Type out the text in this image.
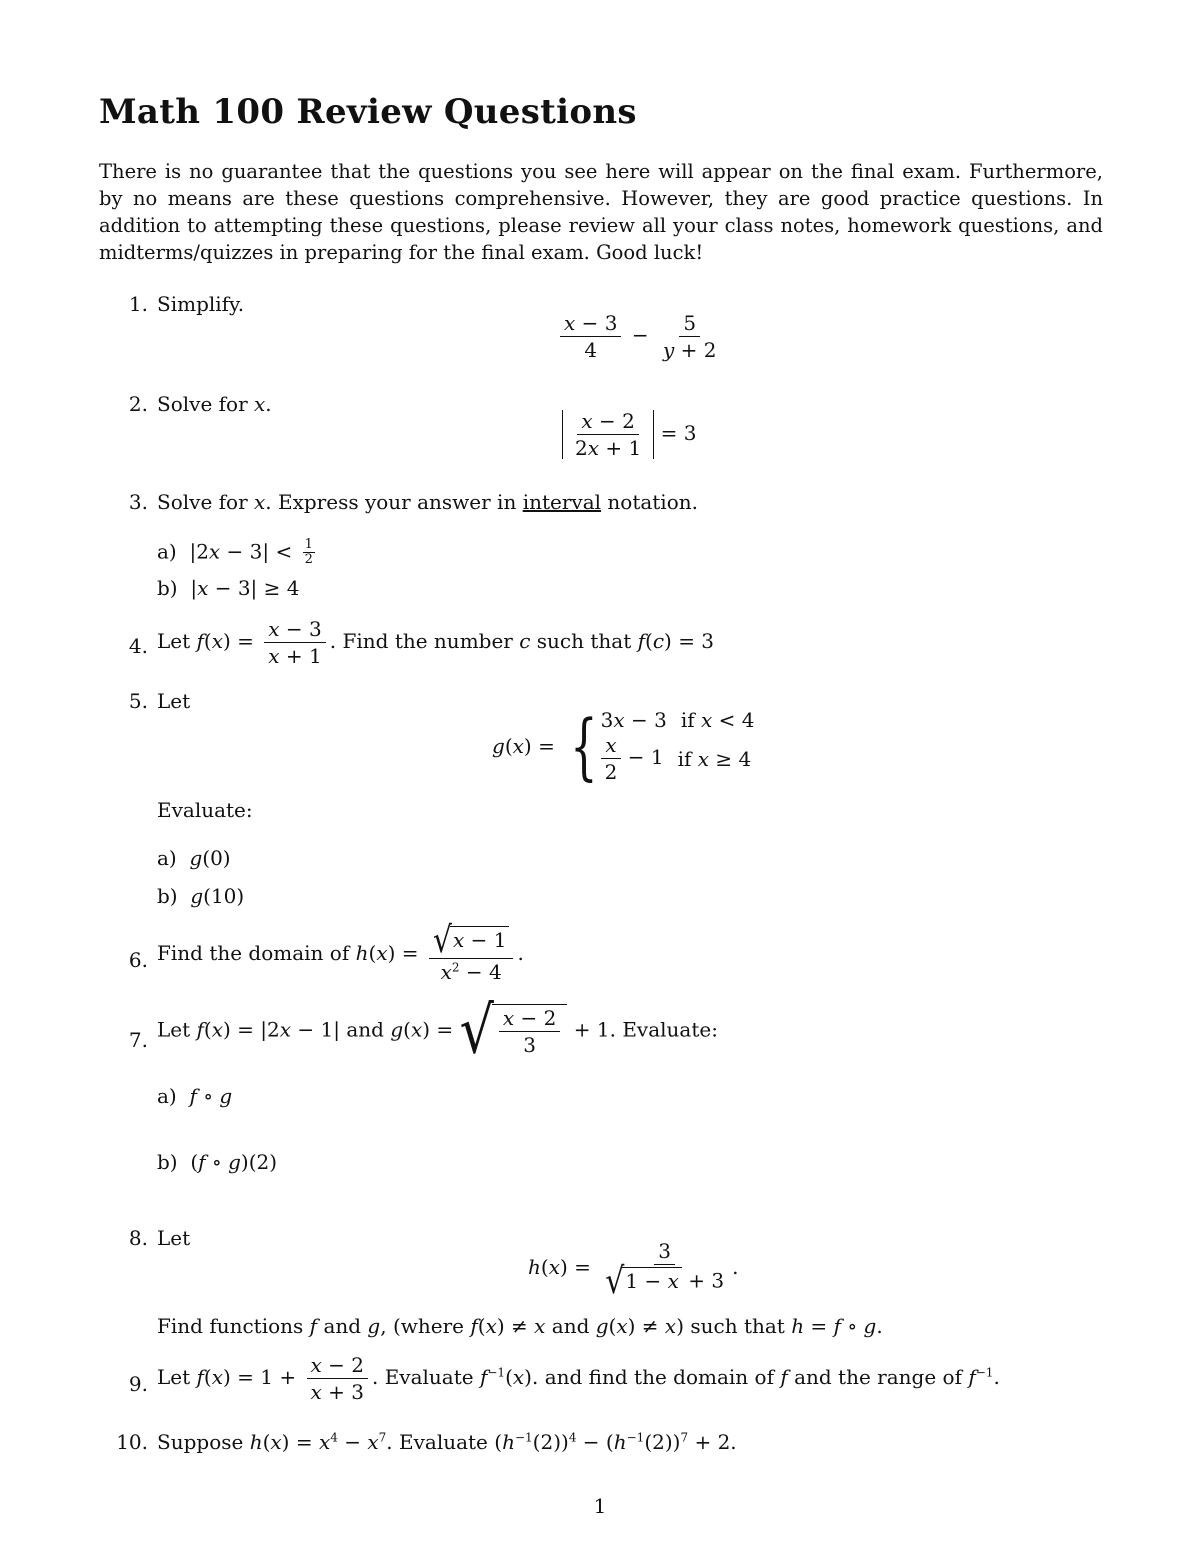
Math 100 Review Questions
There is no guarantee that the questions you see here will appear on the final exam. Furthermore, by no means are these questions comprehensive. However, they are good practice questions. In addition to attempting these questions, please review all your class notes, homework questions, and midterms/quizzes in preparing for the final exam. Good luck!
1. Simplify.
$\frac{x - 3}{4} - \frac{5}{y + 2}$
2. Solve for x.
$\frac{x - 2}{2x + 1} = 3$
3. Solve for x. Express your answer in interval notation.
a)  $|2x - 3| < \frac{1}{2}$
b)  |x − 3| ≥ 4
4. Let $f(x) = \frac{x - 3}{x + 1}$ . Find the number c such that f(c) = 3
5. Let
g(x) = { 3x − 3 if x < 4
$\frac{x}{2} - 1$ if x ≥ 4
Evaluate:
a) g(0)
b) g(10)
6. Find the domain of $h(x) = \frac{√ x - 1}{x^2 - 4}$ .
7. Let f(x) = |2x − 1| and g(x) = √ $\frac{x - 2}{3} + 1$. Evaluate:
a) f ∘ g
b)  (f ∘ g)(2)
8. Let
$h(x) = \frac{3}{√ 1 - x + 3}$ .
Find functions f and g, (where f(x) ≠ x and g(x) ≠ x) such that h = f ∘ g.
9. Let $f(x) = 1 + \frac{x - 2}{x + 3}$ . Evaluate $f^{-1}(x)$. and find the domain of f and the range of $f^{-1}$.
10. Suppose $h(x) = x^4 - x^7$. Evaluate $(h^{-1}(2))^4 - (h^{-1}(2))^7 + 2$.
1
